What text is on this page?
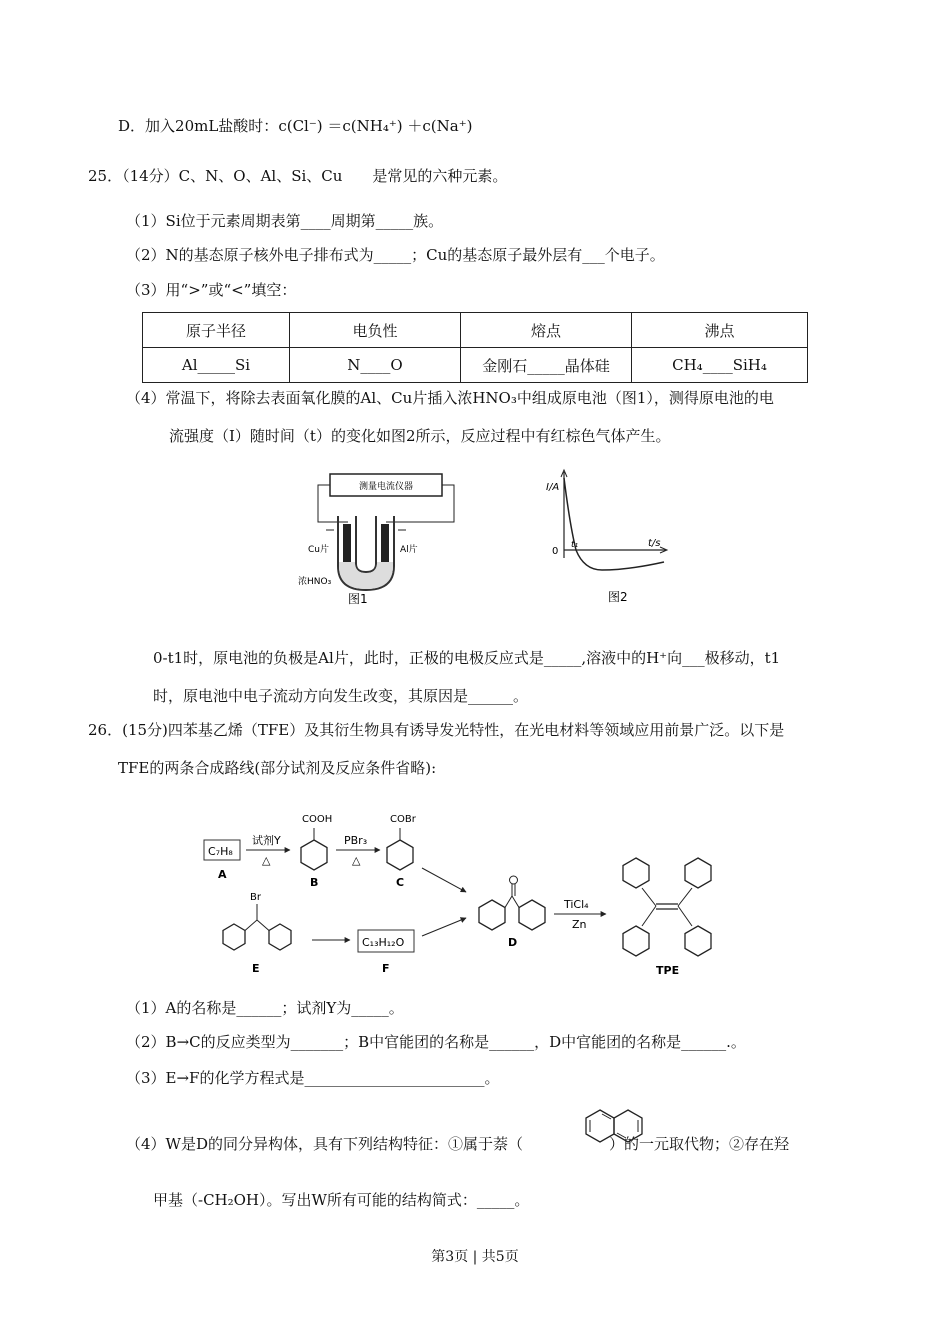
D．加入20mL盐酸时：c(Cl⁻) ＝c(NH₄⁺) ＋c(Na⁺)
25．（14分）C、N、O、Al、Si、Cu　　是常见的六种元素。
（1）Si位于元素周期表第____周期第_____族。
（2）N的基态原子核外电子排布式为_____；Cu的基态原子最外层有___个电子。
（3）用“>”或“<”填空：
原子半径	电负性	熔点	沸点
Al_____Si	N____O	金刚石_____晶体硅	CH₄____SiH₄
（4）常温下，将除去表面氧化膜的Al、Cu片插入浓HNO₃中组成原电池（图1），测得原电池的电
流强度（I）随时间（t）的变化如图2所示，反应过程中有红棕色气体产生。
测量电流仪器
Cu片	Al片
浓HNO₃
图1
I/A
t/s
0
t₁
图2
0-t1时，原电池的负极是Al片，此时，正极的电极反应式是_____,溶液中的H⁺向___极移动，t1
时，原电池中电子流动方向发生改变，其原因是______。
26．(15分)四苯基乙烯（TFE）及其衍生物具有诱导发光特性，在光电材料等领域应用前景广泛。以下是
TFE的两条合成路线(部分试剂及反应条件省略):
C₇H₈
A
试剂Y
△
COOH
B
PBr₃
△
COBr
C
D
TiCl₄
Zn
TPE
Br
E
C₁₃H₁₂O
F
（1）A的名称是______；试剂Y为_____。
（2）B→C的反应类型为_______；B中官能团的名称是______，D中官能团的名称是______.。
（3）E→F的化学方程式是________________________。
（4）W是D的同分异构体，具有下列结构特征：①属于萘（	）的一元取代物；②存在羟
甲基（-CH₂OH）。写出W所有可能的结构简式：_____。
第3页 | 共5页
